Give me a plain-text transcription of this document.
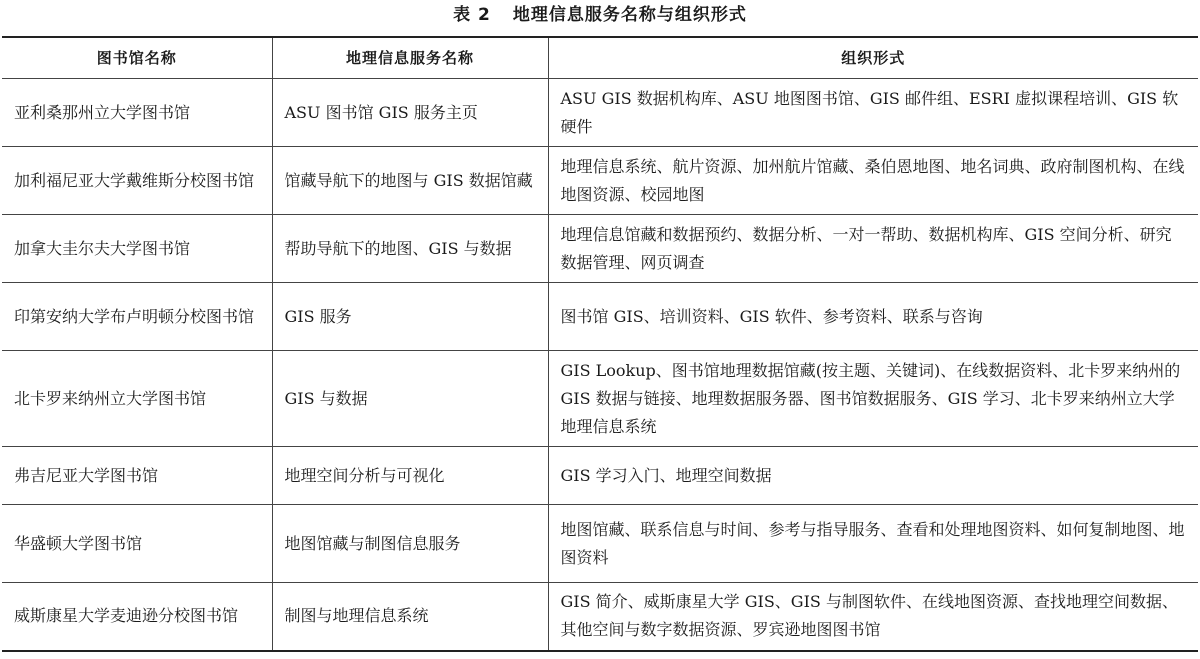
表 2 地理信息服务名称与组织形式
图书馆名称	地理信息服务名称	组织形式
亚利桑那州立大学图书馆	ASU 图书馆 GIS 服务主页	ASU GIS 数据机构库、ASU 地图图书馆、GIS 邮件组、ESRI 虚拟课程培训、GIS 软硬件
加利福尼亚大学戴维斯分校图书馆	馆藏导航下的地图与 GIS 数据馆藏	地理信息系统、航片资源、加州航片馆藏、桑伯恩地图、地名词典、政府制图机构、在线地图资源、校园地图
加拿大圭尔夫大学图书馆	帮助导航下的地图、GIS 与数据	地理信息馆藏和数据预约、数据分析、一对一帮助、数据机构库、GIS 空间分析、研究数据管理、网页调查
印第安纳大学布卢明顿分校图书馆	GIS 服务	图书馆 GIS、培训资料、GIS 软件、参考资料、联系与咨询
北卡罗来纳州立大学图书馆	GIS 与数据	GIS Lookup、图书馆地理数据馆藏(按主题、关键词)、在线数据资料、北卡罗来纳州的 GIS 数据与链接、地理数据服务器、图书馆数据服务、GIS 学习、北卡罗来纳州立大学地理信息系统
弗吉尼亚大学图书馆	地理空间分析与可视化	GIS 学习入门、地理空间数据
华盛顿大学图书馆	地图馆藏与制图信息服务	地图馆藏、联系信息与时间、参考与指导服务、查看和处理地图资料、如何复制地图、地图资料
威斯康星大学麦迪逊分校图书馆	制图与地理信息系统	GIS 简介、威斯康星大学 GIS、GIS 与制图软件、在线地图资源、查找地理空间数据、其他空间与数字数据资源、罗宾逊地图图书馆
